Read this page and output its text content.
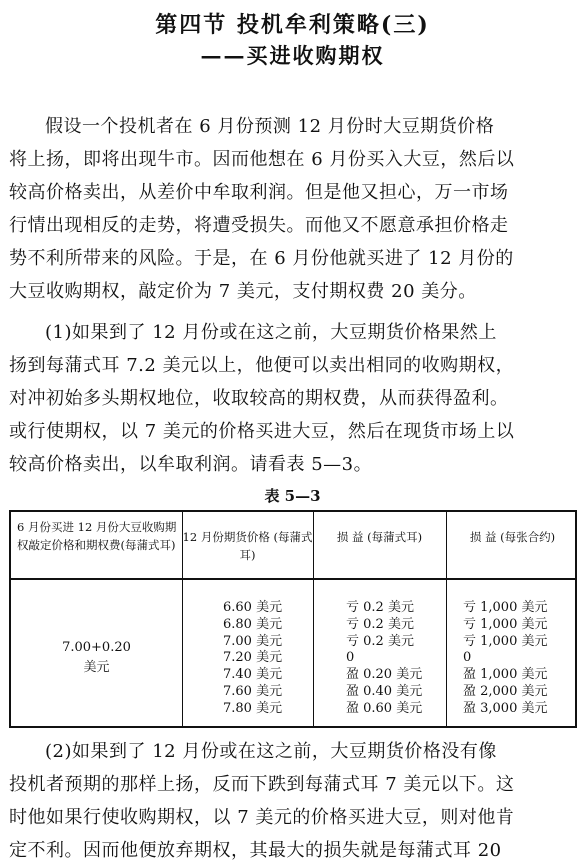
第四节 投机牟利策略(三)
——买进收购期权
假设一个投机者在 6 月份预测 12 月份时大豆期货价格
将上扬，即将出现牛市。因而他想在 6 月份买入大豆，然后以
较高价格卖出，从差价中牟取利润。但是他又担心，万一市场
行情出现相反的走势，将遭受损失。而他又不愿意承担价格走
势不利所带来的风险。于是，在 6 月份他就买进了 12 月份的
大豆收购期权，敲定价为 7 美元，支付期权费 20 美分。
(1)如果到了 12 月份或在这之前，大豆期货价格果然上
扬到每蒲式耳 7.2 美元以上，他便可以卖出相同的收购期权，
对冲初始多头期权地位，收取较高的期权费，从而获得盈利。
或行使期权，以 7 美元的价格买进大豆，然后在现货市场上以
较高价格卖出，以牟取利润。请看表 5—3。
表 5—3
6 月份买进 12 月份大豆收购期权敲定价格和期权费(每蒲式耳)
12 月份期货价格 (每蒲式耳)
损 益 (每蒲式耳)	损 益 (每张合约)
7.00+0.20
美元
6.60 美元
6.80 美元
7.00 美元
7.20 美元
7.40 美元
7.60 美元
7.80 美元
亏 0.2 美元
亏 0.2 美元
亏 0.2 美元
0
盈 0.20 美元
盈 0.40 美元
盈 0.60 美元
亏 1,000 美元
亏 1,000 美元
亏 1,000 美元
0
盈 1,000 美元
盈 2,000 美元
盈 3,000 美元
(2)如果到了 12 月份或在这之前，大豆期货价格没有像
投机者预期的那样上扬，反而下跌到每蒲式耳 7 美元以下。这
时他如果行使收购期权，以 7 美元的价格买进大豆，则对他肯
定不利。因而他便放弃期权，其最大的损失就是每蒲式耳 20
